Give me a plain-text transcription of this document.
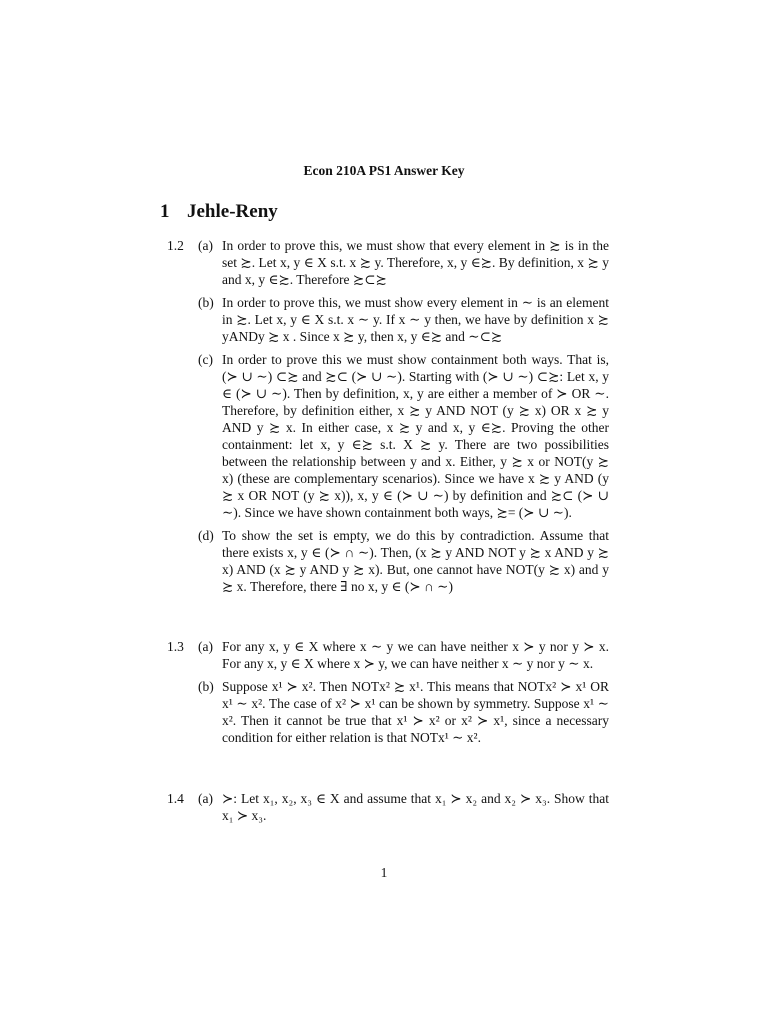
Econ 210A PS1 Answer Key
1 Jehle-Reny
1.2 (a) In order to prove this, we must show that every element in ≿ is in the set ≿. Let x, y ∈ X s.t. x ≿ y. Therefore, x, y ∈≿. By definition, x ≿ y and x, y ∈≿. Therefore ≿⊂≿
(b) In order to prove this, we must show every element in ∼ is an element in ≿. Let x, y ∈ X s.t. x ∼ y. If x ∼ y then, we have by definition x ≿ yANDy ≿ x . Since x ≿ y, then x, y ∈≿ and ∼⊂≿
(c) In order to prove this we must show containment both ways. That is, (≻ ∪ ∼) ⊂≿ and ≿⊂ (≻ ∪ ∼). Starting with (≻ ∪ ∼) ⊂≿: Let x, y ∈ (≻ ∪ ∼). Then by definition, x, y are either a member of ≻ OR ∼. Therefore, by definition either, x ≿ y AND NOT (y ≿ x) OR x ≿ y AND y ≿ x. In either case, x ≿ y and x, y ∈≿. Proving the other containment: let x, y ∈≿ s.t. X ≿ y. There are two possibilities between the relationship between y and x. Either, y ≿ x or NOT(y ≿ x) (these are complementary scenarios). Since we have x ≿ y AND (y ≿ x OR NOT (y ≿ x)), x, y ∈ (≻ ∪ ∼) by definition and ≿⊂ (≻ ∪ ∼). Since we have shown containment both ways, ≿= (≻ ∪ ∼).
(d) To show the set is empty, we do this by contradiction. Assume that there exists x, y ∈ (≻ ∩ ∼). Then, (x ≿ y AND NOT y ≿ x AND y ≿ x) AND (x ≿ y AND y ≿ x). But, one cannot have NOT(y ≿ x) and y ≿ x. Therefore, there ∃ no x, y ∈ (≻ ∩ ∼)
1.3 (a) For any x, y ∈ X where x ∼ y we can have neither x ≻ y nor y ≻ x. For any x, y ∈ X where x ≻ y, we can have neither x ∼ y nor y ∼ x.
(b) Suppose x¹ ≻ x². Then NOTx² ≿ x¹. This means that NOTx² ≻ x¹ OR x¹ ∼ x². The case of x² ≻ x¹ can be shown by symmetry. Suppose x¹ ∼ x². Then it cannot be true that x¹ ≻ x² or x² ≻ x¹, since a necessary condition for either relation is that NOTx¹ ∼ x².
1.4 (a) ≻: Let x₁, x₂, x₃ ∈ X and assume that x₁ ≻ x₂ and x₂ ≻ x₃. Show that x₁ ≻ x₃.
1
